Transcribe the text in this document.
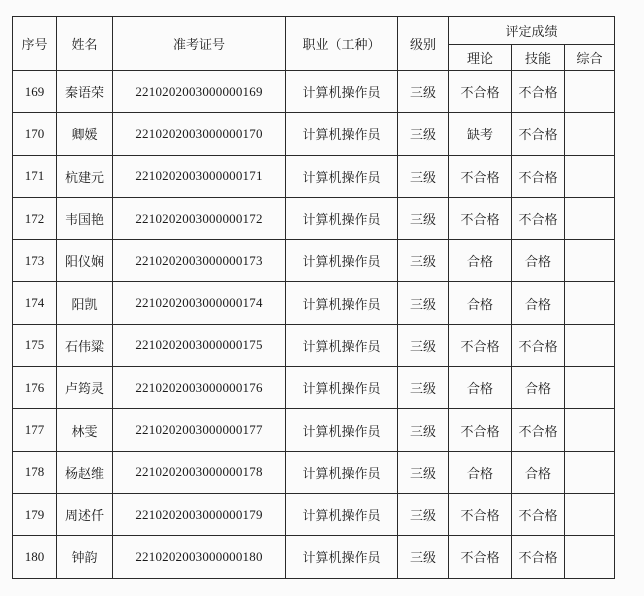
序号	姓名	准考证号	职业（工种）	级别	评定成绩		
					理论	技能	综合
169	秦语荣	2210202003000000169	计算机操作员	三级	不合格	不合格	
170	卿媛	2210202003000000170	计算机操作员	三级	缺考	不合格	
171	杭建元	2210202003000000171	计算机操作员	三级	不合格	不合格	
172	韦国艳	2210202003000000172	计算机操作员	三级	不合格	不合格	
173	阳仪娴	2210202003000000173	计算机操作员	三级	合格	合格	
174	阳凯	2210202003000000174	计算机操作员	三级	合格	合格	
175	石伟粱	2210202003000000175	计算机操作员	三级	不合格	不合格	
176	卢筠灵	2210202003000000176	计算机操作员	三级	合格	合格	
177	林雯	2210202003000000177	计算机操作员	三级	不合格	不合格	
178	杨赵维	2210202003000000178	计算机操作员	三级	合格	合格	
179	周述仟	2210202003000000179	计算机操作员	三级	不合格	不合格	
180	钟韵	2210202003000000180	计算机操作员	三级	不合格	不合格	
